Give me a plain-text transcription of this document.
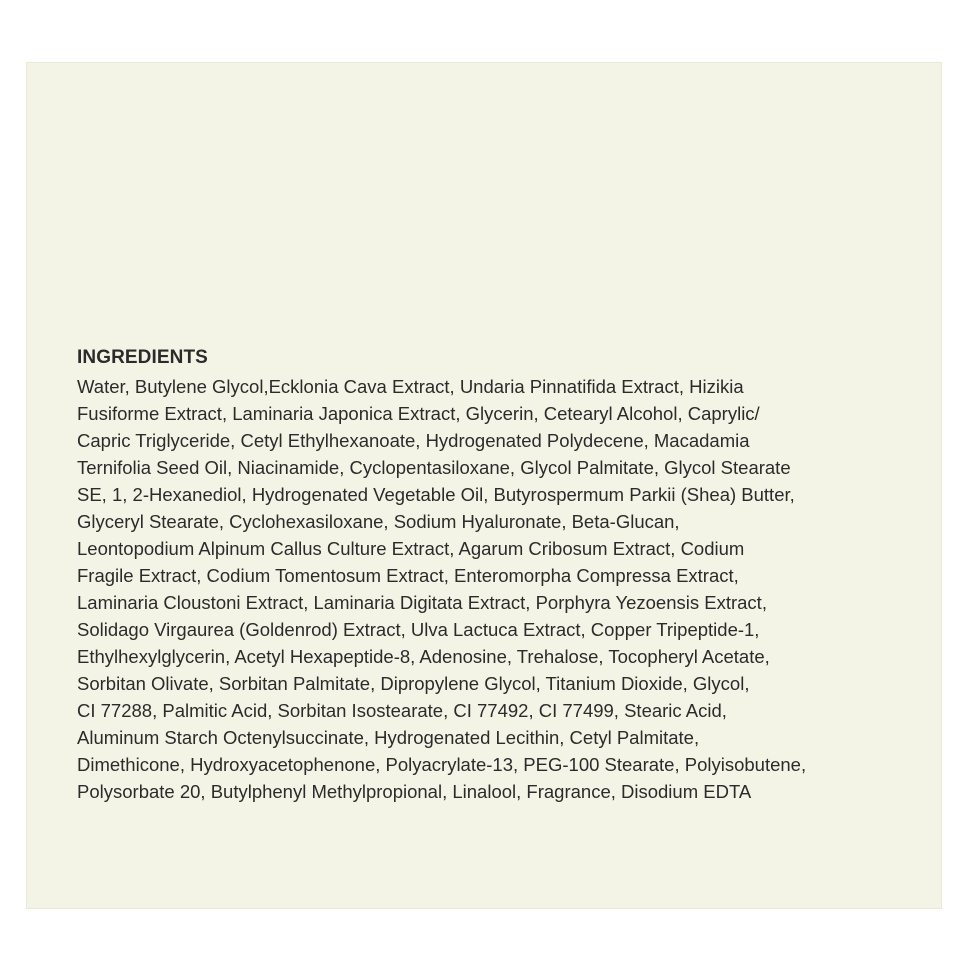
INGREDIENTS
Water, Butylene Glycol,Ecklonia Cava Extract, Undaria Pinnatifida Extract, Hizikia
Fusiforme Extract, Laminaria Japonica Extract, Glycerin, Cetearyl Alcohol, Caprylic/
Capric Triglyceride, Cetyl Ethylhexanoate, Hydrogenated Polydecene, Macadamia
Ternifolia Seed Oil, Niacinamide, Cyclopentasiloxane, Glycol Palmitate, Glycol Stearate
SE, 1, 2-Hexanediol, Hydrogenated Vegetable Oil, Butyrospermum Parkii (Shea) Butter,
Glyceryl Stearate, Cyclohexasiloxane, Sodium Hyaluronate, Beta-Glucan,
Leontopodium Alpinum Callus Culture Extract, Agarum Cribosum Extract, Codium
Fragile Extract, Codium Tomentosum Extract, Enteromorpha Compressa Extract,
Laminaria Cloustoni Extract, Laminaria Digitata Extract, Porphyra Yezoensis Extract,
Solidago Virgaurea (Goldenrod) Extract, Ulva Lactuca Extract, Copper Tripeptide-1,
Ethylhexylglycerin, Acetyl Hexapeptide-8, Adenosine, Trehalose, Tocopheryl Acetate,
Sorbitan Olivate, Sorbitan Palmitate, Dipropylene Glycol, Titanium Dioxide, Glycol,
CI 77288, Palmitic Acid, Sorbitan Isostearate, CI 77492, CI 77499, Stearic Acid,
Aluminum Starch Octenylsuccinate, Hydrogenated Lecithin, Cetyl Palmitate,
Dimethicone, Hydroxyacetophenone, Polyacrylate-13, PEG-100 Stearate, Polyisobutene,
Polysorbate 20, Butylphenyl Methylpropional, Linalool, Fragrance, Disodium EDTA
